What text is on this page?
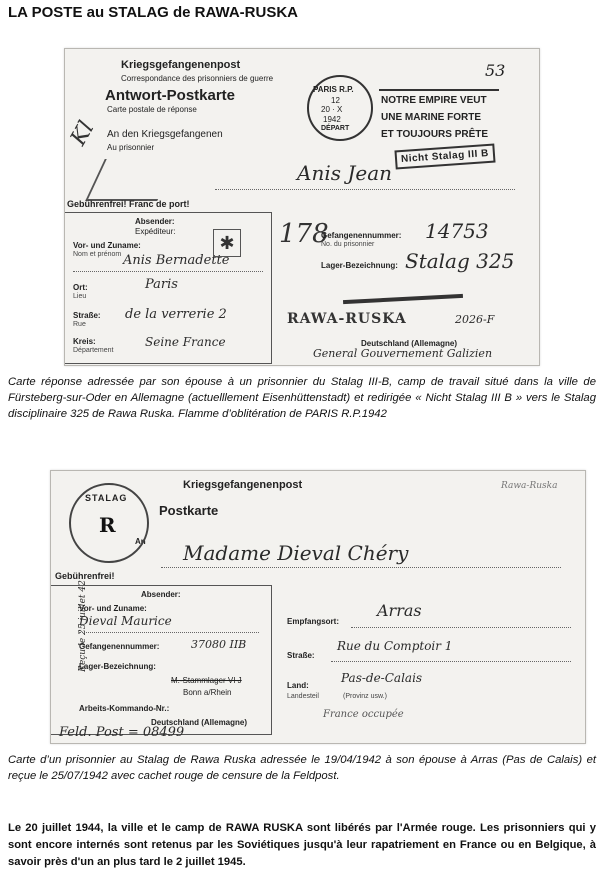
LA POSTE au STALAG de RAWA-RUSKA
Kriegsgefangenenpost
Correspondance des prisonniers de guerre
Antwort-Postkarte
Carte postale de réponse
An den Kriegsgefangenen
Au prisonnier
Kl
PARIS R.P.
12
20 · X
1942
DÉPART
NOTRE EMPIRE VEUT
UNE MARINE FORTE
ET TOUJOURS PRÊTE
53
Nicht Stalag III B
Anis Jean
Gebührenfrei! Franc de port!
Absender:
Expéditeur:
Vor- und Zuname:
Nom et prénom Anis Bernadette
Ort:
Lieu
Paris
Straße:
Rue
de la verrerie 2
Kreis:
Département
Seine France
✱ 178
Gefangenennummer:
No. du prisonnier
14753
Lager-Bezeichnung: Stalag 325
RAWA-RUSKA	2026-F
Deutschland (Allemagne)
General Gouvernement Galizien
Carte réponse adressée par son épouse à un prisonnier du Stalag III-B, camp de travail situé dans la ville de Fürsteberg-sur-Oder en Allemagne (actuelllement Eisenhüttenstadt) et redirigée « Nicht Stalag III B » vers le Stalag disciplinaire 325 de Rawa Ruska. Flamme d’oblitération de PARIS R.P.1942
Kriegsgefangenenpost
Postkarte
An
STALAG
R
Reçu le 25 juillet 42
Rawa-Ruska
Madame Dieval Chéry
Gebührenfrei!
Absender:
Vor- und Zuname:
Dieval Maurice
Gefangenennummer:	37080 IIB
Lager-Bezeichnung:
M.-Stammlager VI J
Bonn a/Rhein
Arbeits-Kommando-Nr.:
Deutschland (Allemagne)
Feld. Post = 08499
Empfangsort:
Arras
Straße:
Rue du Comptoir 1
Land:
Pas-de-Calais
Landesteil	(Provinz usw.)
France occupée
Carte d’un prisonnier au Stalag de Rawa Ruska adressée le 19/04/1942 à son épouse à Arras (Pas de Calais) et reçue le 25/07/1942 avec cachet rouge de censure de la Feldpost.
Le 20 juillet 1944, la ville et le camp de RAWA RUSKA sont libérés par l'Armée rouge. Les prisonniers qui y sont encore internés sont retenus par les Soviétiques jusqu'à leur rapatriement en France ou en Belgique, à savoir près d'un an plus tard le 2 juillet 1945.
